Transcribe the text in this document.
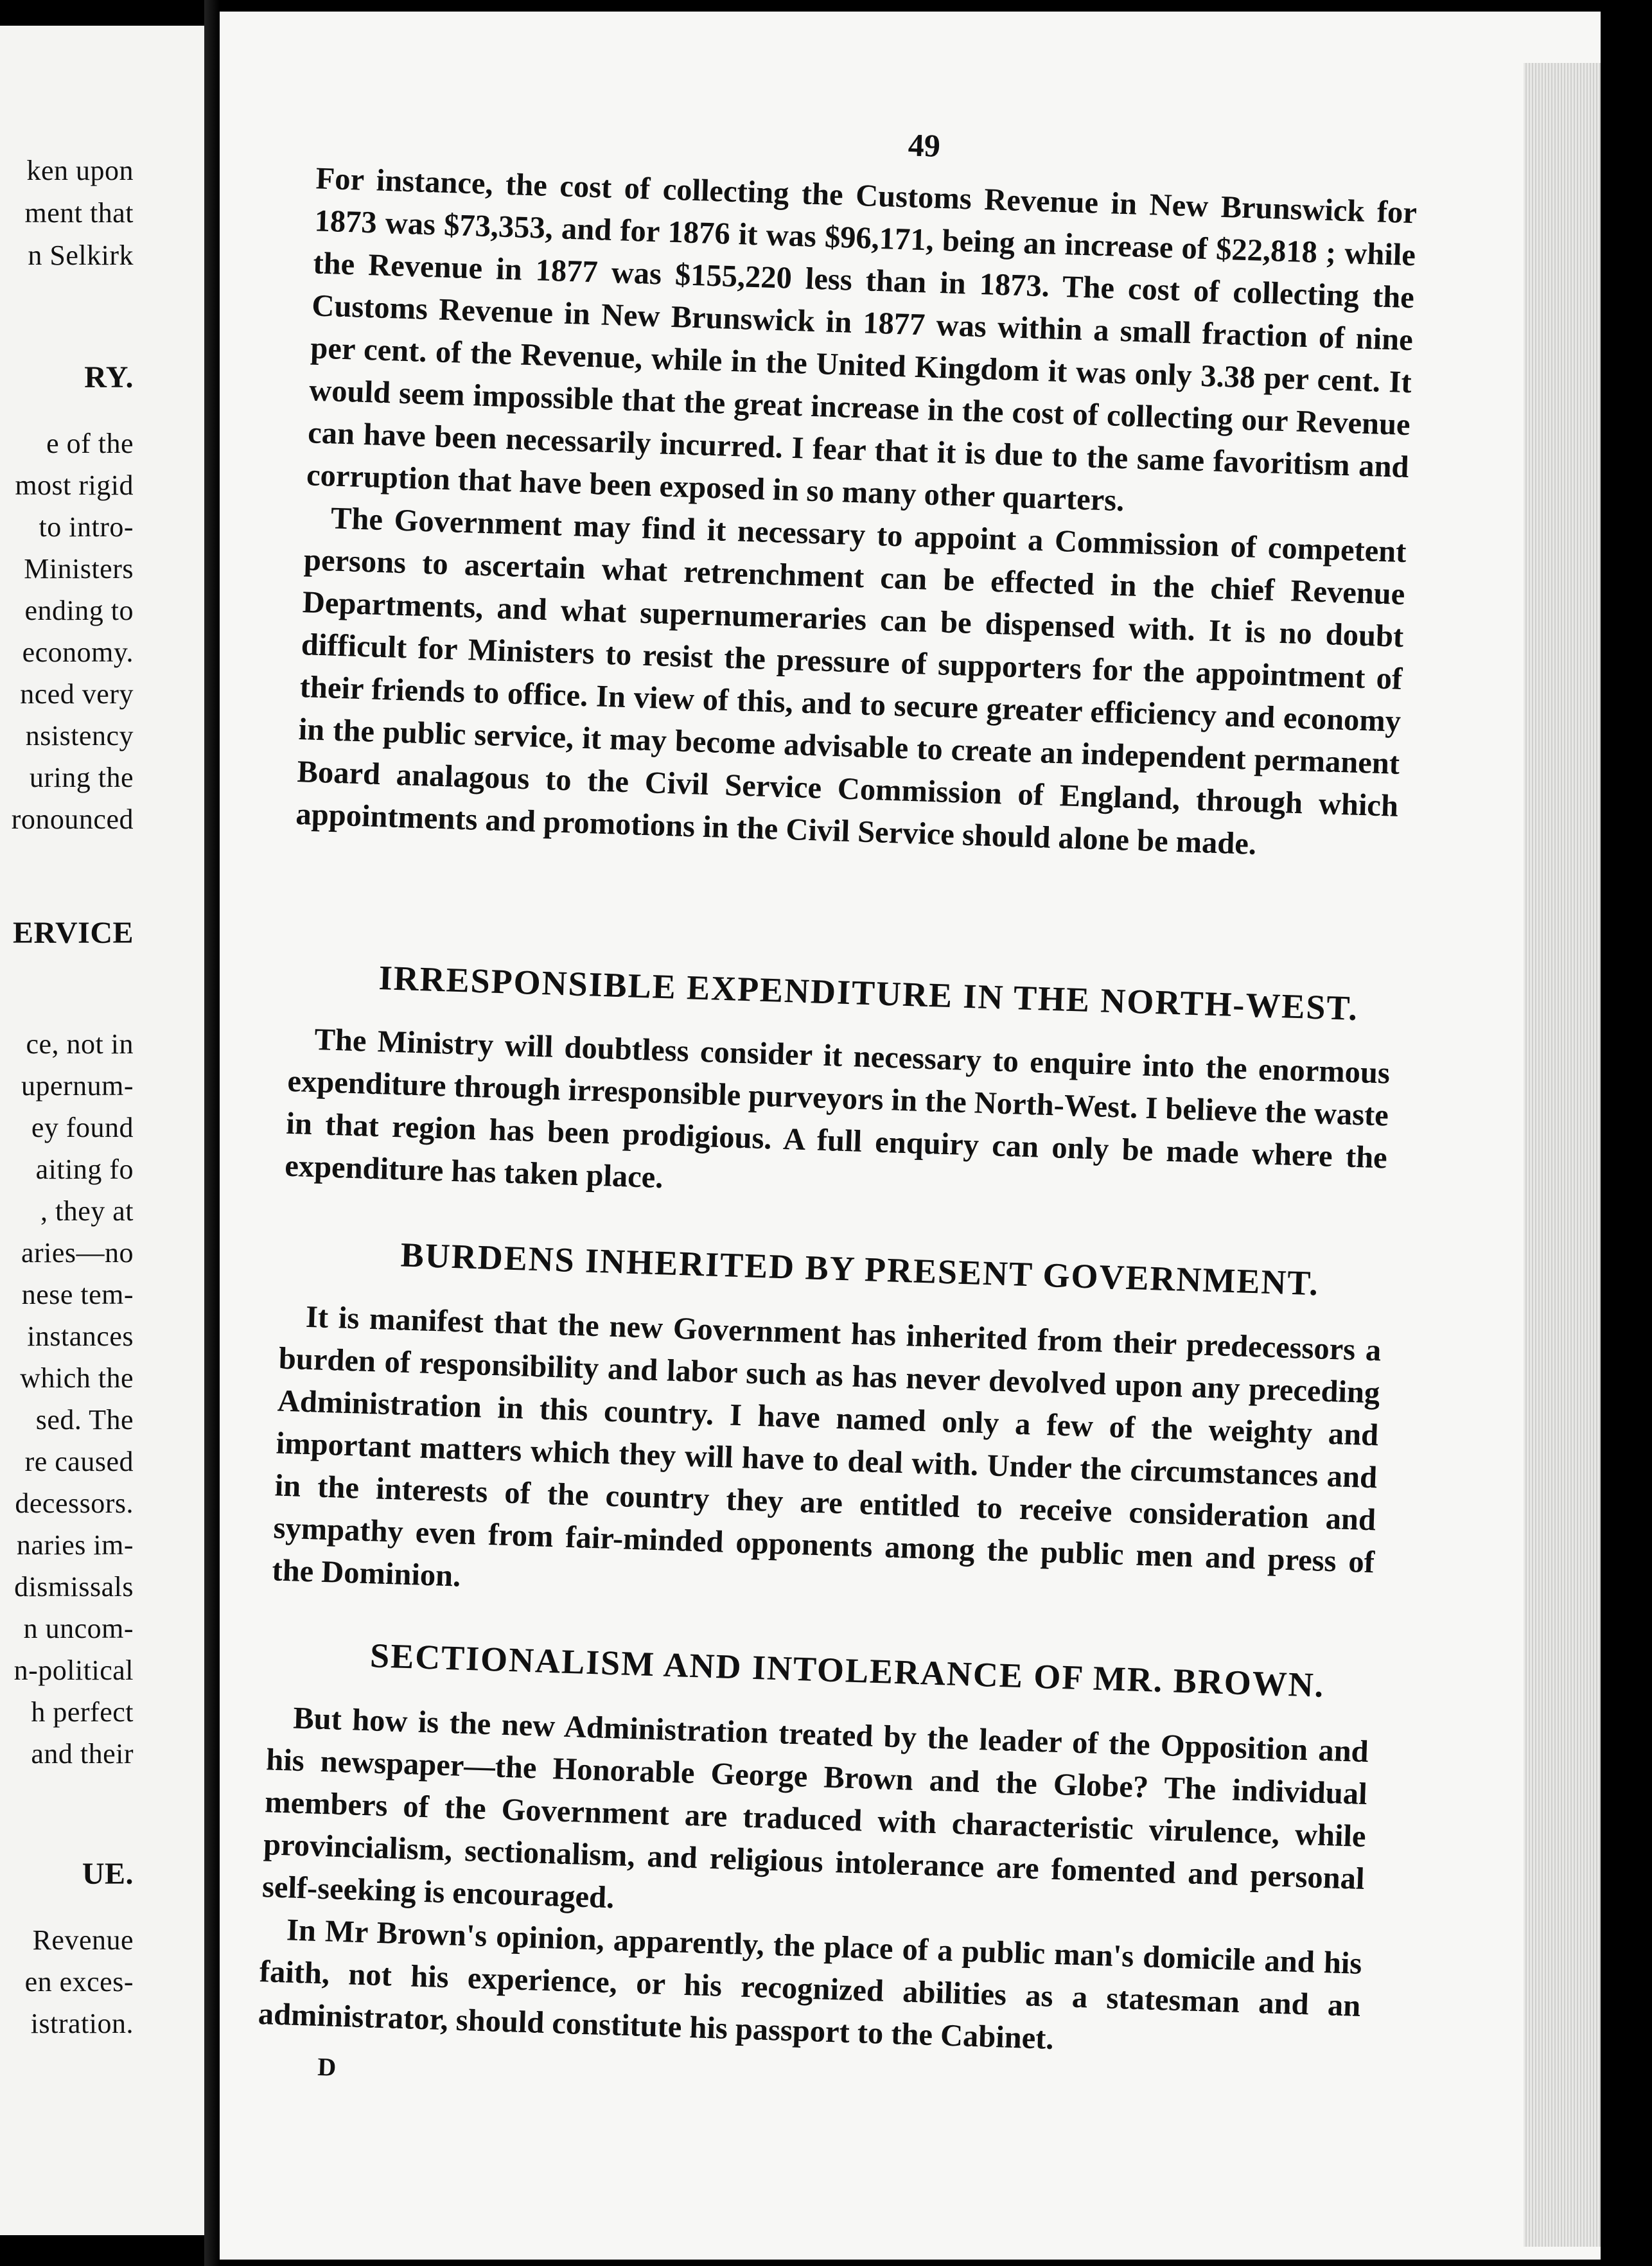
ken upon
ment that
n Selkirk
RY.
e of the
most rigid
to intro-
Ministers
ending to
economy.
nced very
nsistency
uring the
ronounced
ERVICE
ce, not in
upernum-
ey found
aiting fo
, they at
aries—no
nese tem-
instances
which the
sed. The
re caused
decessors.
naries im-
dismissals
n uncom-
n-political
h perfect
and their
UE.
Revenue
en exces-
istration.
49

For instance, the cost of collecting the Customs Revenue in New Brunswick for 1873 was $73,353, and for 1876 it was $96,171, being an increase of $22,818 ; while the Revenue in 1877 was $155,220 less than in 1873. The cost of collecting the Customs Revenue in New Brunswick in 1877 was within a small fraction of nine per cent. of the Revenue, while in the United Kingdom it was only 3.38 per cent. It would seem impossible that the great increase in the cost of collecting our Revenue can have been necessarily incurred. I fear that it is due to the same favoritism and corruption that have been exposed in so many other quarters.

The Government may find it necessary to appoint a Commission of competent persons to ascertain what retrenchment can be effected in the chief Revenue Departments, and what supernumeraries can be dispensed with. It is no doubt difficult for Ministers to resist the pressure of supporters for the appointment of their friends to office. In view of this, and to secure greater efficiency and economy in the public service, it may become advisable to create an independent permanent Board analagous to the Civil Service Commission of England, through which appointments and promotions in the Civil Service should alone be made.

IRRESPONSIBLE EXPENDITURE IN THE NORTH-WEST.

The Ministry will doubtless consider it necessary to enquire into the enormous expenditure through irresponsible purveyors in the North-West. I believe the waste in that region has been prodigious. A full enquiry can only be made where the expenditure has taken place.

BURDENS INHERITED BY PRESENT GOVERNMENT.

It is manifest that the new Government has inherited from their predecessors a burden of responsibility and labor such as has never devolved upon any preceding Administration in this country. I have named only a few of the weighty and important matters which they will have to deal with. Under the circumstances and in the interests of the country they are entitled to receive consideration and sympathy even from fair-minded opponents among the public men and press of the Dominion.

SECTIONALISM AND INTOLERANCE OF MR. BROWN.

But how is the new Administration treated by the leader of the Opposition and his newspaper—the Honorable George Brown and the Globe? The individual members of the Government are traduced with characteristic virulence, while provincialism, sectionalism, and religious intolerance are fomented and personal self-seeking is encouraged.

In Mr Brown's opinion, apparently, the place of a public man's domicile and his faith, not his experience, or his recognized abilities as a statesman and an administrator, should constitute his passport to the Cabinet.

D
